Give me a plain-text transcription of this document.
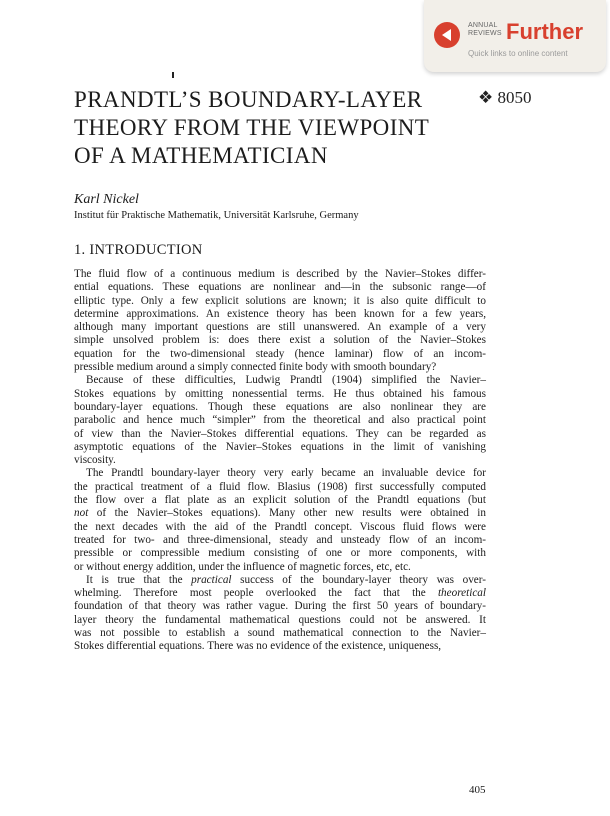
ANNUAL REVIEWS Further
Quick links to online content
PRANDTL’S BOUNDARY-LAYER
THEORY FROM THE VIEWPOINT
OF A MATHEMATICIAN
❖ 8050
Karl Nickel
Institut für Praktische Mathematik, Universität Karlsruhe, Germany
1. INTRODUCTION
The fluid flow of a continuous medium is described by the Navier–Stokes differ-
ential equations. These equations are nonlinear and—in the subsonic range—of
elliptic type. Only a few explicit solutions are known; it is also quite difficult to
determine approximations. An existence theory has been known for a few years,
although many important questions are still unanswered. An example of a very
simple unsolved problem is: does there exist a solution of the Navier–Stokes
equation for the two-dimensional steady (hence laminar) flow of an incom-
pressible medium around a simply connected finite body with smooth boundary?
Because of these difficulties, Ludwig Prandtl (1904) simplified the Navier–
Stokes equations by omitting nonessential terms. He thus obtained his famous
boundary-layer equations. Though these equations are also nonlinear they are
parabolic and hence much “simpler” from the theoretical and also practical point
of view than the Navier–Stokes differential equations. They can be regarded as
asymptotic equations of the Navier–Stokes equations in the limit of vanishing
viscosity.
The Prandtl boundary-layer theory very early became an invaluable device for
the practical treatment of a fluid flow. Blasius (1908) first successfully computed
the flow over a flat plate as an explicit solution of the Prandtl equations (but
not of the Navier–Stokes equations). Many other new results were obtained in
the next decades with the aid of the Prandtl concept. Viscous fluid flows were
treated for two- and three-dimensional, steady and unsteady flow of an incom-
pressible or compressible medium consisting of one or more components, with
or without energy addition, under the influence of magnetic forces, etc, etc.
It is true that the practical success of the boundary-layer theory was over-
whelming. Therefore most people overlooked the fact that the theoretical
foundation of that theory was rather vague. During the first 50 years of boundary-
layer theory the fundamental mathematical questions could not be answered. It
was not possible to establish a sound mathematical connection to the Navier–
Stokes differential equations. There was no evidence of the existence, uniqueness,
405
